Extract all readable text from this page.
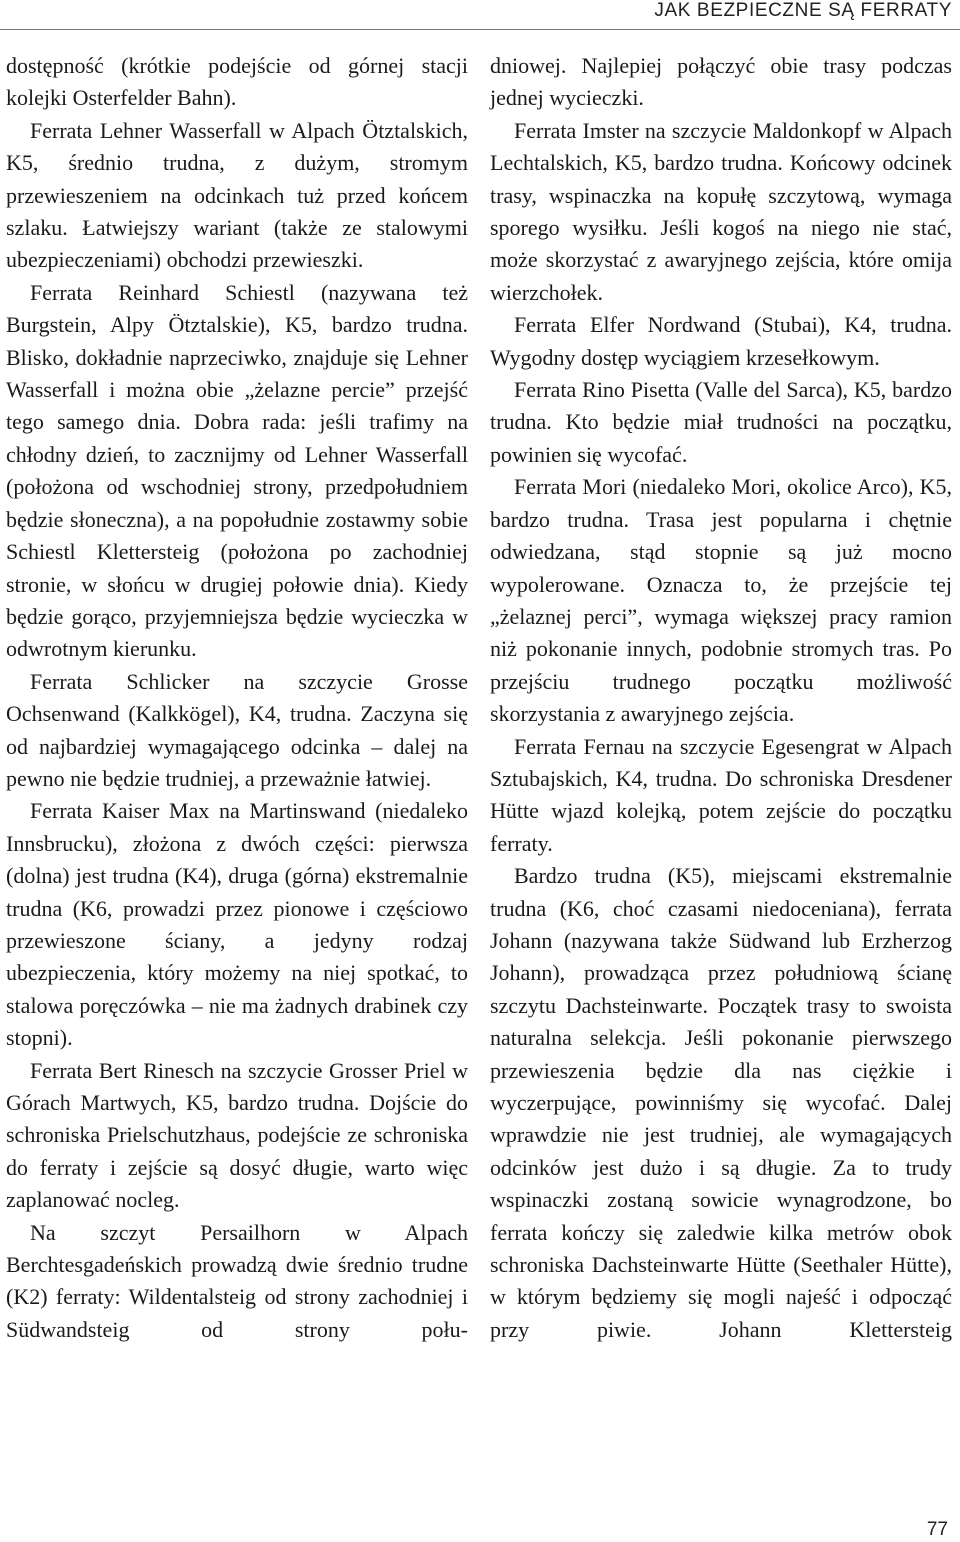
JAK BEZPIECZNE SĄ FERRATY

dostępność (krótkie podejście od górnej stacji kolejki Osterfelder Bahn).

Ferrata Lehner Wasserfall w Alpach Ötztalskich, K5, średnio trudna, z dużym, stromym przewieszeniem na odcinkach tuż przed końcem szlaku. Łatwiejszy wariant (także ze stalowymi ubezpieczeniami) obchodzi przewieszki.

Ferrata Reinhard Schiestl (nazywana też Burgstein, Alpy Ötztalskie), K5, bardzo trudna. Blisko, dokładnie naprzeciwko, znajduje się Lehner Wasserfall i można obie „żelazne percie” przejść tego samego dnia. Dobra rada: jeśli trafimy na chłodny dzień, to zacznijmy od Lehner Wasserfall (położona od wschodniej strony, przedpołudniem będzie słoneczna), a na popołudnie zostawmy sobie Schiestl Klettersteig (położona po zachodniej stronie, w słońcu w drugiej połowie dnia). Kiedy będzie gorąco, przyjemniejsza będzie wycieczka w odwrotnym kierunku.

Ferrata Schlicker na szczycie Grosse Ochsenwand (Kalkkögel), K4, trudna. Zaczyna się od najbardziej wymagającego odcinka – dalej na pewno nie będzie trudniej, a przeważnie łatwiej.

Ferrata Kaiser Max na Martinswand (niedaleko Innsbrucku), złożona z dwóch części: pierwsza (dolna) jest trudna (K4), druga (górna) ekstremalnie trudna (K6, prowadzi przez pionowe i częściowo przewieszone ściany, a jedyny rodzaj ubezpieczenia, który możemy na niej spotkać, to stalowa poręczówka – nie ma żadnych drabinek czy stopni).

Ferrata Bert Rinesch na szczycie Grosser Priel w Górach Martwych, K5, bardzo trudna. Dojście do schroniska Prielschutzhaus, podejście ze schroniska do ferraty i zejście są dosyć długie, warto więc zaplanować nocleg.

Na szczyt Persailhorn w Alpach Berchtesgadeńskich prowadzą dwie średnio trudne (K2) ferraty: Wildentalsteig od strony zachodniej i Südwandsteig od strony połu-

dniowej. Najlepiej połączyć obie trasy podczas jednej wycieczki.

Ferrata Imster na szczycie Maldonkopf w Alpach Lechtalskich, K5, bardzo trudna. Końcowy odcinek trasy, wspinaczka na kopułę szczytową, wymaga sporego wysiłku. Jeśli kogoś na niego nie stać, może skorzystać z awaryjnego zejścia, które omija wierzchołek.

Ferrata Elfer Nordwand (Stubai), K4, trudna. Wygodny dostęp wyciągiem krzesełkowym.

Ferrata Rino Pisetta (Valle del Sarca), K5, bardzo trudna. Kto będzie miał trudności na początku, powinien się wycofać.

Ferrata Mori (niedaleko Mori, okolice Arco), K5, bardzo trudna. Trasa jest popularna i chętnie odwiedzana, stąd stopnie są już mocno wypolerowane. Oznacza to, że przejście tej „żelaznej perci”, wymaga większej pracy ramion niż pokonanie innych, podobnie stromych tras. Po przejściu trudnego początku możliwość skorzystania z awaryjnego zejścia.

Ferrata Fernau na szczycie Egesengrat w Alpach Sztubajskich, K4, trudna. Do schroniska Dresdener Hütte wjazd kolejką, potem zejście do początku ferraty.

Bardzo trudna (K5), miejscami ekstremalnie trudna (K6, choć czasami niedoceniana), ferrata Johann (nazywana także Südwand lub Erzherzog Johann), prowadząca przez południową ścianę szczytu Dachsteinwarte. Początek trasy to swoista naturalna selekcja. Jeśli pokonanie pierwszego przewieszenia będzie dla nas ciężkie i wyczerpujące, powinniśmy się wycofać. Dalej wprawdzie nie jest trudniej, ale wymagających odcinków jest dużo i są długie. Za to trudy wspinaczki zostaną sowicie wynagrodzone, bo ferrata kończy się zaledwie kilka metrów obok schroniska Dachsteinwarte Hütte (Seethaler Hütte), w którym będziemy się mogli najeść i odpocząć przy piwie. Johann Klettersteig

77
